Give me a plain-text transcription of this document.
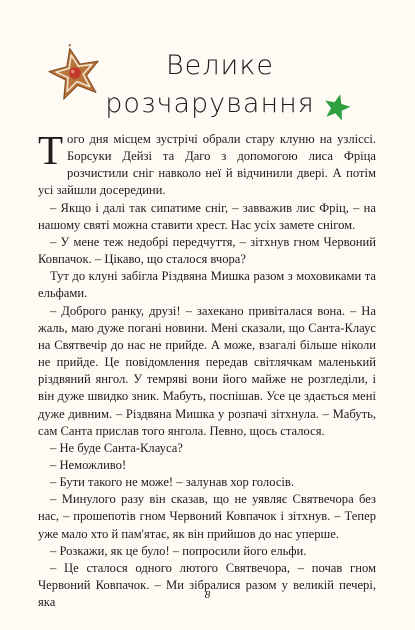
Велике
розчарування

Того дня місцем зустрічі обрали стару клуню на узліссі. Борсуки Дейзі та Даго з допомогою лиса Фріца розчистили сніг навколо неї й відчинили двері. А потім усі зайшли досередини.

– Якщо і далі так сипатиме сніг, – завважив лис Фріц, – на нашому святі можна ставити хрест. Нас усіх замете снігом.

– У мене теж недобрі передчуття, – зітхнув гном Червоний Ковпачок. – Цікаво, що сталося вчора?

Тут до клуні забігла Різдвяна Мишка разом з моховиками та ельфами.

– Доброго ранку, друзі! – захекано привіталася вона. – На жаль, маю дуже погані новини. Мені сказали, що Санта-Клаус на Святвечір до нас не прийде. А може, взагалі більше ніколи не прийде. Це повідомлення передав світлячкам маленький різдвяний янгол. У темряві вони його майже не розгледіли, і він дуже швидко зник. Мабуть, поспішав. Усе це здається мені дуже дивним. – Різдвяна Мишка у розпачі зітхнула. – Мабуть, сам Санта прислав того янгола. Певно, щось сталося.

– Не буде Санта-Клауса?

– Неможливо!

– Бути такого не може! – залунав хор голосів.

– Минулого разу він сказав, що не уявляє Святвечора без нас, – прошепотів гном Червоний Ковпачок і зітхнув. – Тепер уже мало хто й пам'ятає, як він прийшов до нас уперше.

– Розкажи, як це було! – попросили його ельфи.

– Це сталося одного лютого Святвечора, – почав гном Червоний Ковпачок. – Ми зібралися разом у великій печері, яка

8
